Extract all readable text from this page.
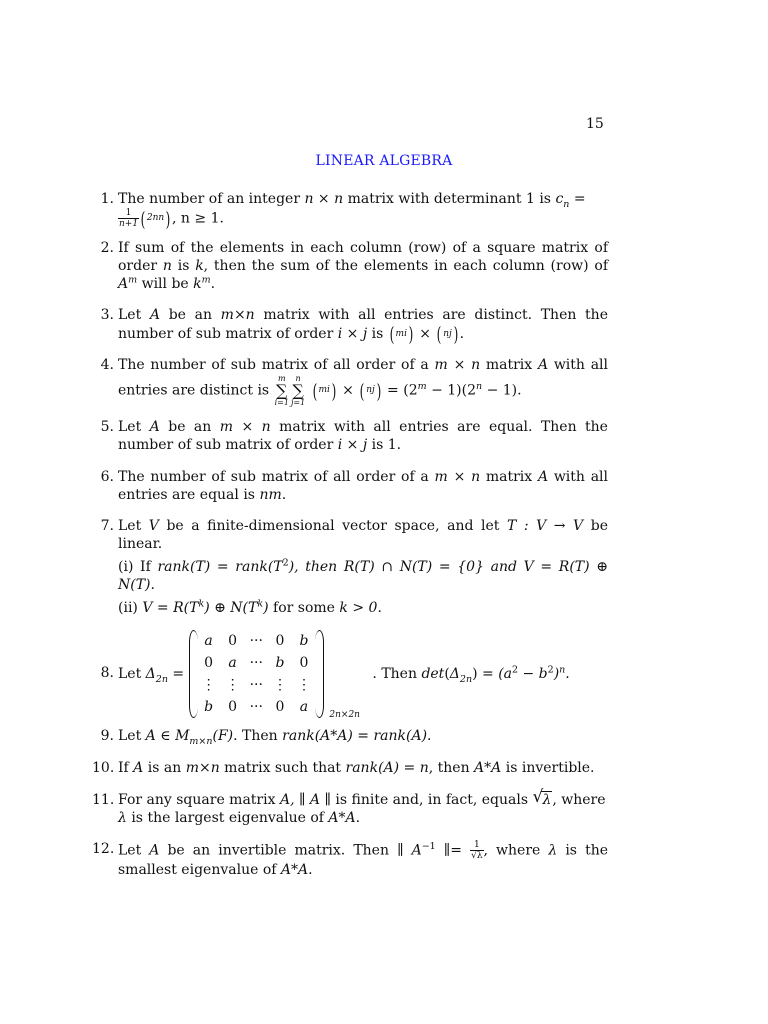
15
LINEAR ALGEBRA
1. The number of an integer n × n matrix with determinant 1 is $c_n$ =

$\frac{1}{n+1}$ ( 2nn) , n ≥ 1.
2. If sum of the elements in each column (row) of a square matrix of order n is k, then the sum of the elements in each column (row) of $A^m$ will be $k^m$.
3. Let A be an m×n matrix with all entries are distinct. Then the number of sub matrix of order i × j is ( mi) × ( nj) .
4. The number of sub matrix of all order of a m × n matrix A with all entries are distinct is
m
∑
i=1
n
∑
j=1 ( mi) × ( $nj) = (2^m - 1)(2^n - 1)$.
5. Let A be an m × n matrix with all entries are equal. Then the number of sub matrix of order i × j is 1.
6. The number of sub matrix of all order of a m × n matrix A with all entries are equal is nm.
7. Let V be a finite-dimensional vector space, and let T : V → V be linear.
(i) If rank(T) = $rank(T^2)$, then R(T) ∩ N(T) = {0} and V = R(T) ⊕ N(T).
(ii) $V = R(T^k)$ ⊕ $N(T^k)$ for some k > 0.
8. Let $\Delta_{2n}$ =
a	0	···	0	b
0	a	···	b	0
⋮	⋮	···	⋮	⋮
b	0	···	0	a 2n×2n
. Then $\det(\Delta_{2n}) = (a^2 - b^2)^n$.
9. Let A ∈ $M_{m\times n}(F)$. Then rank(A*A) = rank(A).
10. If A is an m×n matrix such that rank(A) = n, then A*A is invertible.
11. For any square matrix A, ∥ A ∥ is finite and, in fact, equals √ λ, where
λ is the largest eigenvalue of A*A.
12. Let A be an invertible matrix. Then ∥ $A^{-1}$ ∥= $\frac{1}{√\lambda}$ , where λ is the smallest eigenvalue of A*A.
